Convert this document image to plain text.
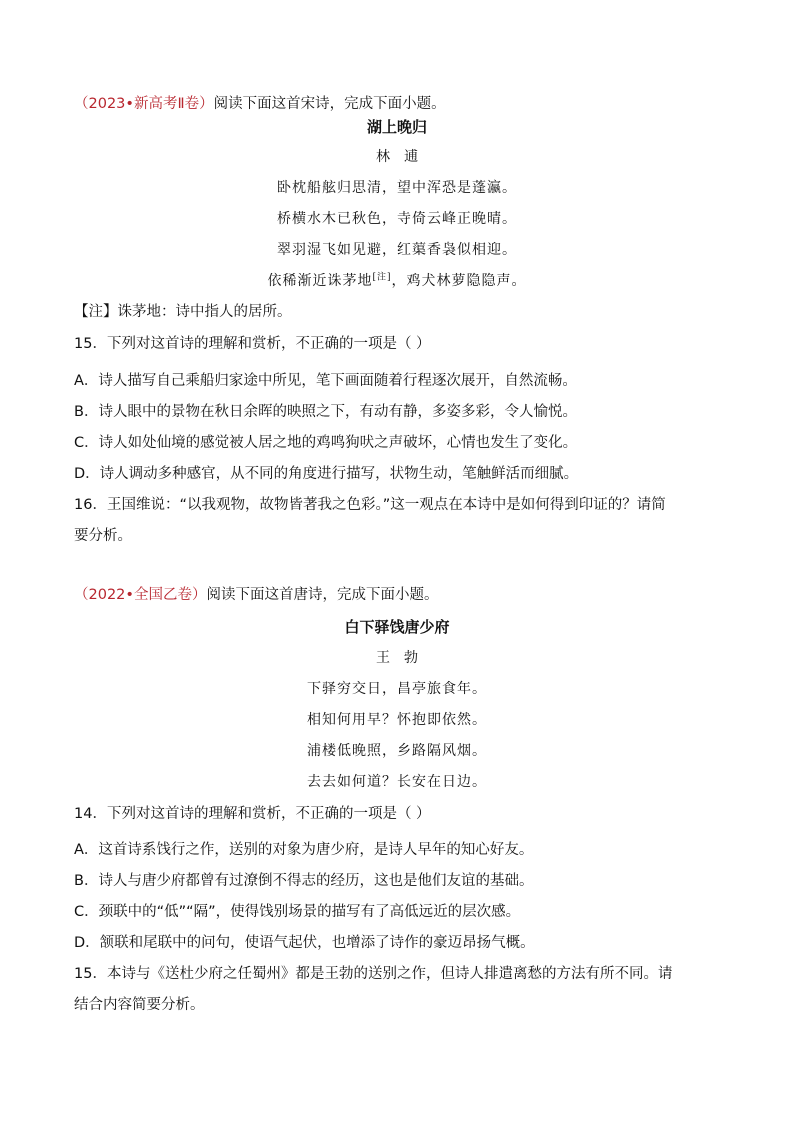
（2023•新高考Ⅱ卷）阅读下面这首宋诗，完成下面小题。
湖上晚归
林逋
卧枕船舷归思清，望中浑恐是蓬瀛。
桥横水木已秋色，寺倚云峰正晚晴。
翠羽湿飞如见避，红蕖香袅似相迎。
依稀渐近诛茅地[注]，鸡犬林萝隐隐声。
【注】诛茅地：诗中指人的居所。
15．下列对这首诗的理解和赏析，不正确的一项是（ ）
A．诗人描写自己乘船归家途中所见，笔下画面随着行程逐次展开，自然流畅。
B．诗人眼中的景物在秋日余晖的映照之下，有动有静，多姿多彩，令人愉悦。
C．诗人如处仙境的感觉被人居之地的鸡鸣狗吠之声破坏，心情也发生了变化。
D．诗人调动多种感官，从不同的角度进行描写，状物生动，笔触鲜活而细腻。
16．王国维说：“以我观物，故物皆著我之色彩。”这一观点在本诗中是如何得到印证的？请简
要分析。
（2022•全国乙卷）阅读下面这首唐诗，完成下面小题。
白下驿饯唐少府
王勃
下驿穷交日，昌亭旅食年。
相知何用早？怀抱即依然。
浦楼低晚照，乡路隔风烟。
去去如何道？长安在日边。
14．下列对这首诗的理解和赏析，不正确的一项是（ ）
A．这首诗系饯行之作，送别的对象为唐少府，是诗人早年的知心好友。
B．诗人与唐少府都曾有过潦倒不得志的经历，这也是他们友谊的基础。
C．颈联中的“低”“隔”，使得饯别场景的描写有了高低远近的层次感。
D．颔联和尾联中的问句，使语气起伏，也增添了诗作的豪迈昂扬气概。
15．本诗与《送杜少府之任蜀州》都是王勃的送别之作，但诗人排遣离愁的方法有所不同。请
结合内容简要分析。
